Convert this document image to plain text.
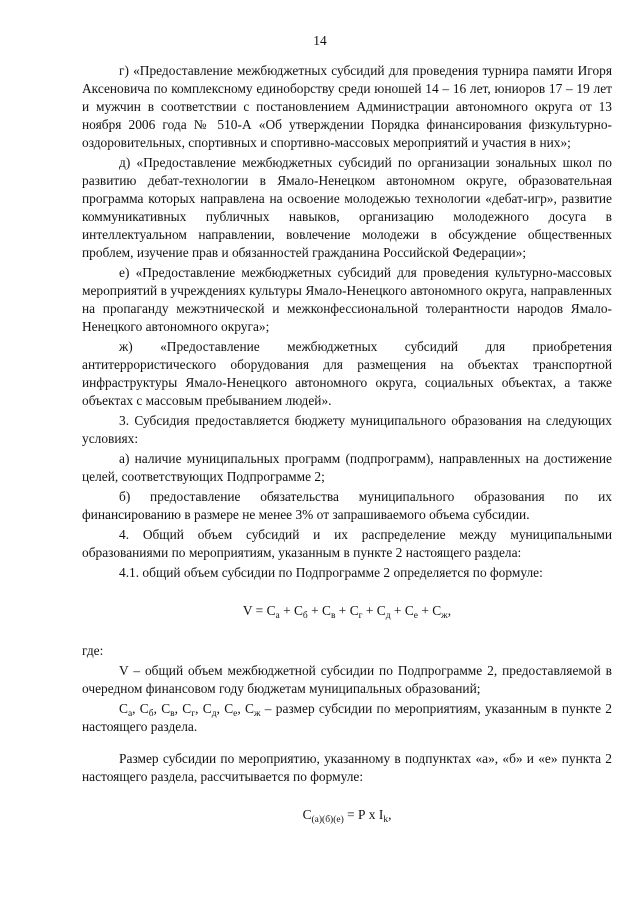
14

г) «Предоставление межбюджетных субсидий для проведения турнира памяти Игоря Аксеновича по комплексному единоборству среди юношей 14 – 16 лет, юниоров 17 – 19 лет и мужчин в соответствии с постановлением Администрации автономного округа от 13 ноября 2006 года № 510-А «Об утверждении Порядка финансирования физкультурно-оздоровительных, спортивных и спортивно-массовых мероприятий и участия в них»;

д) «Предоставление межбюджетных субсидий по организации зональных школ по развитию дебат-технологии в Ямало-Ненецком автономном округе, образовательная программа которых направлена на освоение молодежью технологии «дебат-игр», развитие коммуникативных публичных навыков, организацию молодежного досуга в интеллектуальном направлении, вовлечение молодежи в обсуждение общественных проблем, изучение прав и обязанностей гражданина Российской Федерации»;

е) «Предоставление межбюджетных субсидий для проведения культурно-массовых мероприятий в учреждениях культуры Ямало-Ненецкого автономного округа, направленных на пропаганду межэтнической и межконфессиональной толерантности народов Ямало-Ненецкого автономного округа»;

ж) «Предоставление межбюджетных субсидий для приобретения антитеррористического оборудования для размещения на объектах транспортной инфраструктуры Ямало-Ненецкого автономного округа, социальных объектах, а также объектах с массовым пребыванием людей».

3. Субсидия предоставляется бюджету муниципального образования на следующих условиях:

а) наличие муниципальных программ (подпрограмм), направленных на достижение целей, соответствующих Подпрограмме 2;

б) предоставление обязательства муниципального образования по их финансированию в размере не менее 3% от запрашиваемого объема субсидии.

4. Общий объем субсидий и их распределение между муниципальными образованиями по мероприятиям, указанным в пункте 2 настоящего раздела:

4.1. общий объем субсидии по Подпрограмме 2 определяется по формуле:

$V = С_а + С_б + С_в + С_г + С_д + С_е + С_ж$,

где:

V – общий объем межбюджетной субсидии по Подпрограмме 2, предоставляемой в очередном финансовом году бюджетам муниципальных образований;

$С_а$, $С_б$, $С_в$, $С_г$, $С_д$, $С_е$, $С_ж$ – размер субсидии по мероприятиям, указанным в пункте 2 настоящего раздела.

Размер субсидии по мероприятию, указанному в подпунктах «а», «б» и «е» пункта 2 настоящего раздела, рассчитывается по формуле:

$С_{(а)(б)(е)} = Р$ х $I_k$,
